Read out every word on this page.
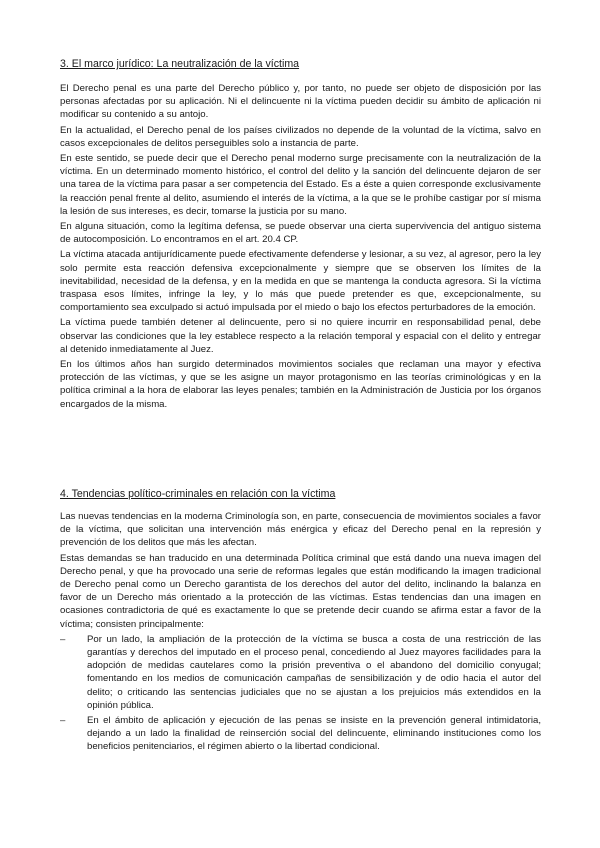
3. El marco jurídico: La neutralización de la víctima

El Derecho penal es una parte del Derecho público y, por tanto, no puede ser objeto de disposición por las personas afectadas por su aplicación. Ni el delincuente ni la víctima pueden decidir su ámbito de aplicación ni modificar su contenido a su antojo.

En la actualidad, el Derecho penal de los países civilizados no depende de la voluntad de la víctima, salvo en casos excepcionales de delitos perseguibles solo a instancia de parte.

En este sentido, se puede decir que el Derecho penal moderno surge precisamente con la neutralización de la víctima. En un determinado momento histórico, el control del delito y la sanción del delincuente dejaron de ser una tarea de la víctima para pasar a ser competencia del Estado. Es a éste a quien corresponde exclusivamente la reacción penal frente al delito, asumiendo el interés de la víctima, a la que se le prohíbe castigar por sí misma la lesión de sus intereses, es decir, tomarse la justicia por su mano.

En alguna situación, como la legítima defensa, se puede observar una cierta supervivencia del antiguo sistema de autocomposición. Lo encontramos en el art. 20.4 CP.

La víctima atacada antijurídicamente puede efectivamente defenderse y lesionar, a su vez, al agresor, pero la ley solo permite esta reacción defensiva excepcionalmente y siempre que se observen los límites de la inevitabilidad, necesidad de la defensa, y en la medida en que se mantenga la conducta agresora. Si la víctima traspasa esos límites, infringe la ley, y lo más que puede pretender es que, excepcionalmente, su comportamiento sea exculpado si actuó impulsada por el miedo o bajo los efectos perturbadores de la emoción.

La víctima puede también detener al delincuente, pero si no quiere incurrir en responsabilidad penal, debe observar las condiciones que la ley establece respecto a la relación temporal y espacial con el delito y entregar al detenido inmediatamente al Juez.

En los últimos años han surgido determinados movimientos sociales que reclaman una mayor y efectiva protección de las víctimas, y que se les asigne un mayor protagonismo en las teorías criminológicas y en la política criminal a la hora de elaborar las leyes penales; también en la Administración de Justicia por los órganos encargados de la misma.

4. Tendencias político-criminales en relación con la víctima

Las nuevas tendencias en la moderna Criminología son, en parte, consecuencia de movimientos sociales a favor de la víctima, que solicitan una intervención más enérgica y eficaz del Derecho penal en la represión y prevención de los delitos que más les afectan.

Estas demandas se han traducido en una determinada Política criminal que está dando una nueva imagen del Derecho penal, y que ha provocado una serie de reformas legales que están modificando la imagen tradicional de Derecho penal como un Derecho garantista de los derechos del autor del delito, inclinando la balanza en favor de un Derecho más orientado a la protección de las víctimas. Estas tendencias dan una imagen en ocasiones contradictoria de qué es exactamente lo que se pretende decir cuando se afirma estar a favor de la víctima; consisten principalmente:

– Por un lado, la ampliación de la protección de la víctima se busca a costa de una restricción de las garantías y derechos del imputado en el proceso penal, concediendo al Juez mayores facilidades para la adopción de medidas cautelares como la prisión preventiva o el abandono del domicilio conyugal; fomentando en los medios de comunicación campañas de sensibilización y de odio hacia el autor del delito; o criticando las sentencias judiciales que no se ajustan a los prejuicios más extendidos en la opinión pública.
– En el ámbito de aplicación y ejecución de las penas se insiste en la prevención general intimidatoria, dejando a un lado la finalidad de reinserción social del delincuente, eliminando instituciones como los beneficios penitenciarios, el régimen abierto o la libertad condicional.
